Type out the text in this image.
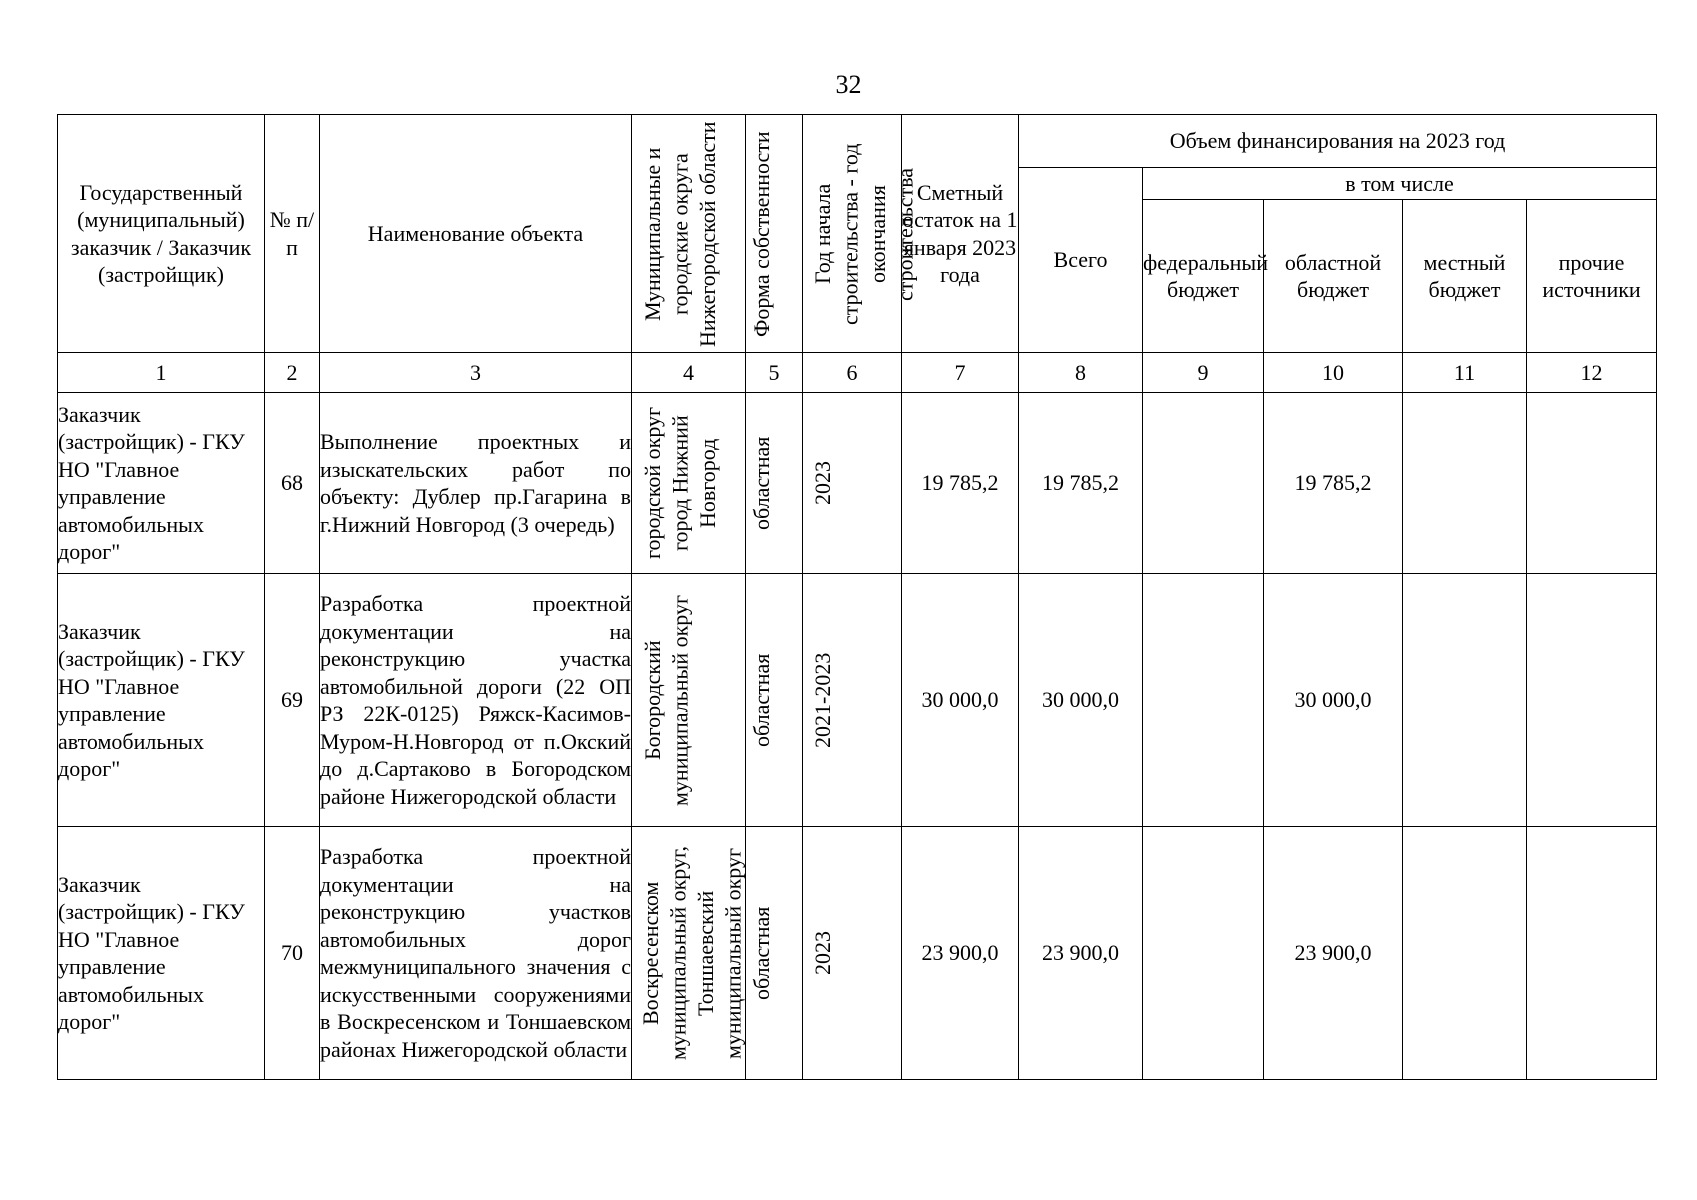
32
Государственный (муниципальный) заказчик / Заказчик (застройщик)	№ п/п	Наименование объекта	Муниципальные и городские округа Нижегородской области	Форма собственности	Год начала строительства - год окончания строительства	Сметный остаток на 1 января 2023 года	Объем финансирования на 2023 год				
							Всего	в том числе			
								федеральный бюджет	областной бюджет	местный бюджет	прочие источники
1	2	3	4	5	6	7	8	9	10	11	12
Заказчик (застройщик) - ГКУ НО "Главное управление автомобильных дорог"	68	Выполнение проектных и изыскательских работ по объекту: Дублер пр.Гагарина в г.Нижний Новгород (3 очередь)	городской округ город Нижний Новгород	областная	2023	19 785,2	19 785,2		19 785,2		
Заказчик (застройщик) - ГКУ НО "Главное управление автомобильных дорог"	69	Разработка проектной документации на реконструкцию участка автомобильной дороги (22 ОП РЗ 22К-0125) Ряжск-Касимов-Муром-Н.Новгород от п.Окский до д.Сартаково в Богородском районе Нижегородской области	Богородский муниципальный округ	областная	2021-2023	30 000,0	30 000,0		30 000,0		
Заказчик (застройщик) - ГКУ НО "Главное управление автомобильных дорог"	70	Разработка проектной документации на реконструкцию участков автомобильных дорог межмуниципального значения с искусственными сооружениями в Воскресенском и Тоншаевском районах Нижегородской области	Воскресенском муниципальный округ, Тоншаевский муниципальный округ	областная	2023	23 900,0	23 900,0		23 900,0		
